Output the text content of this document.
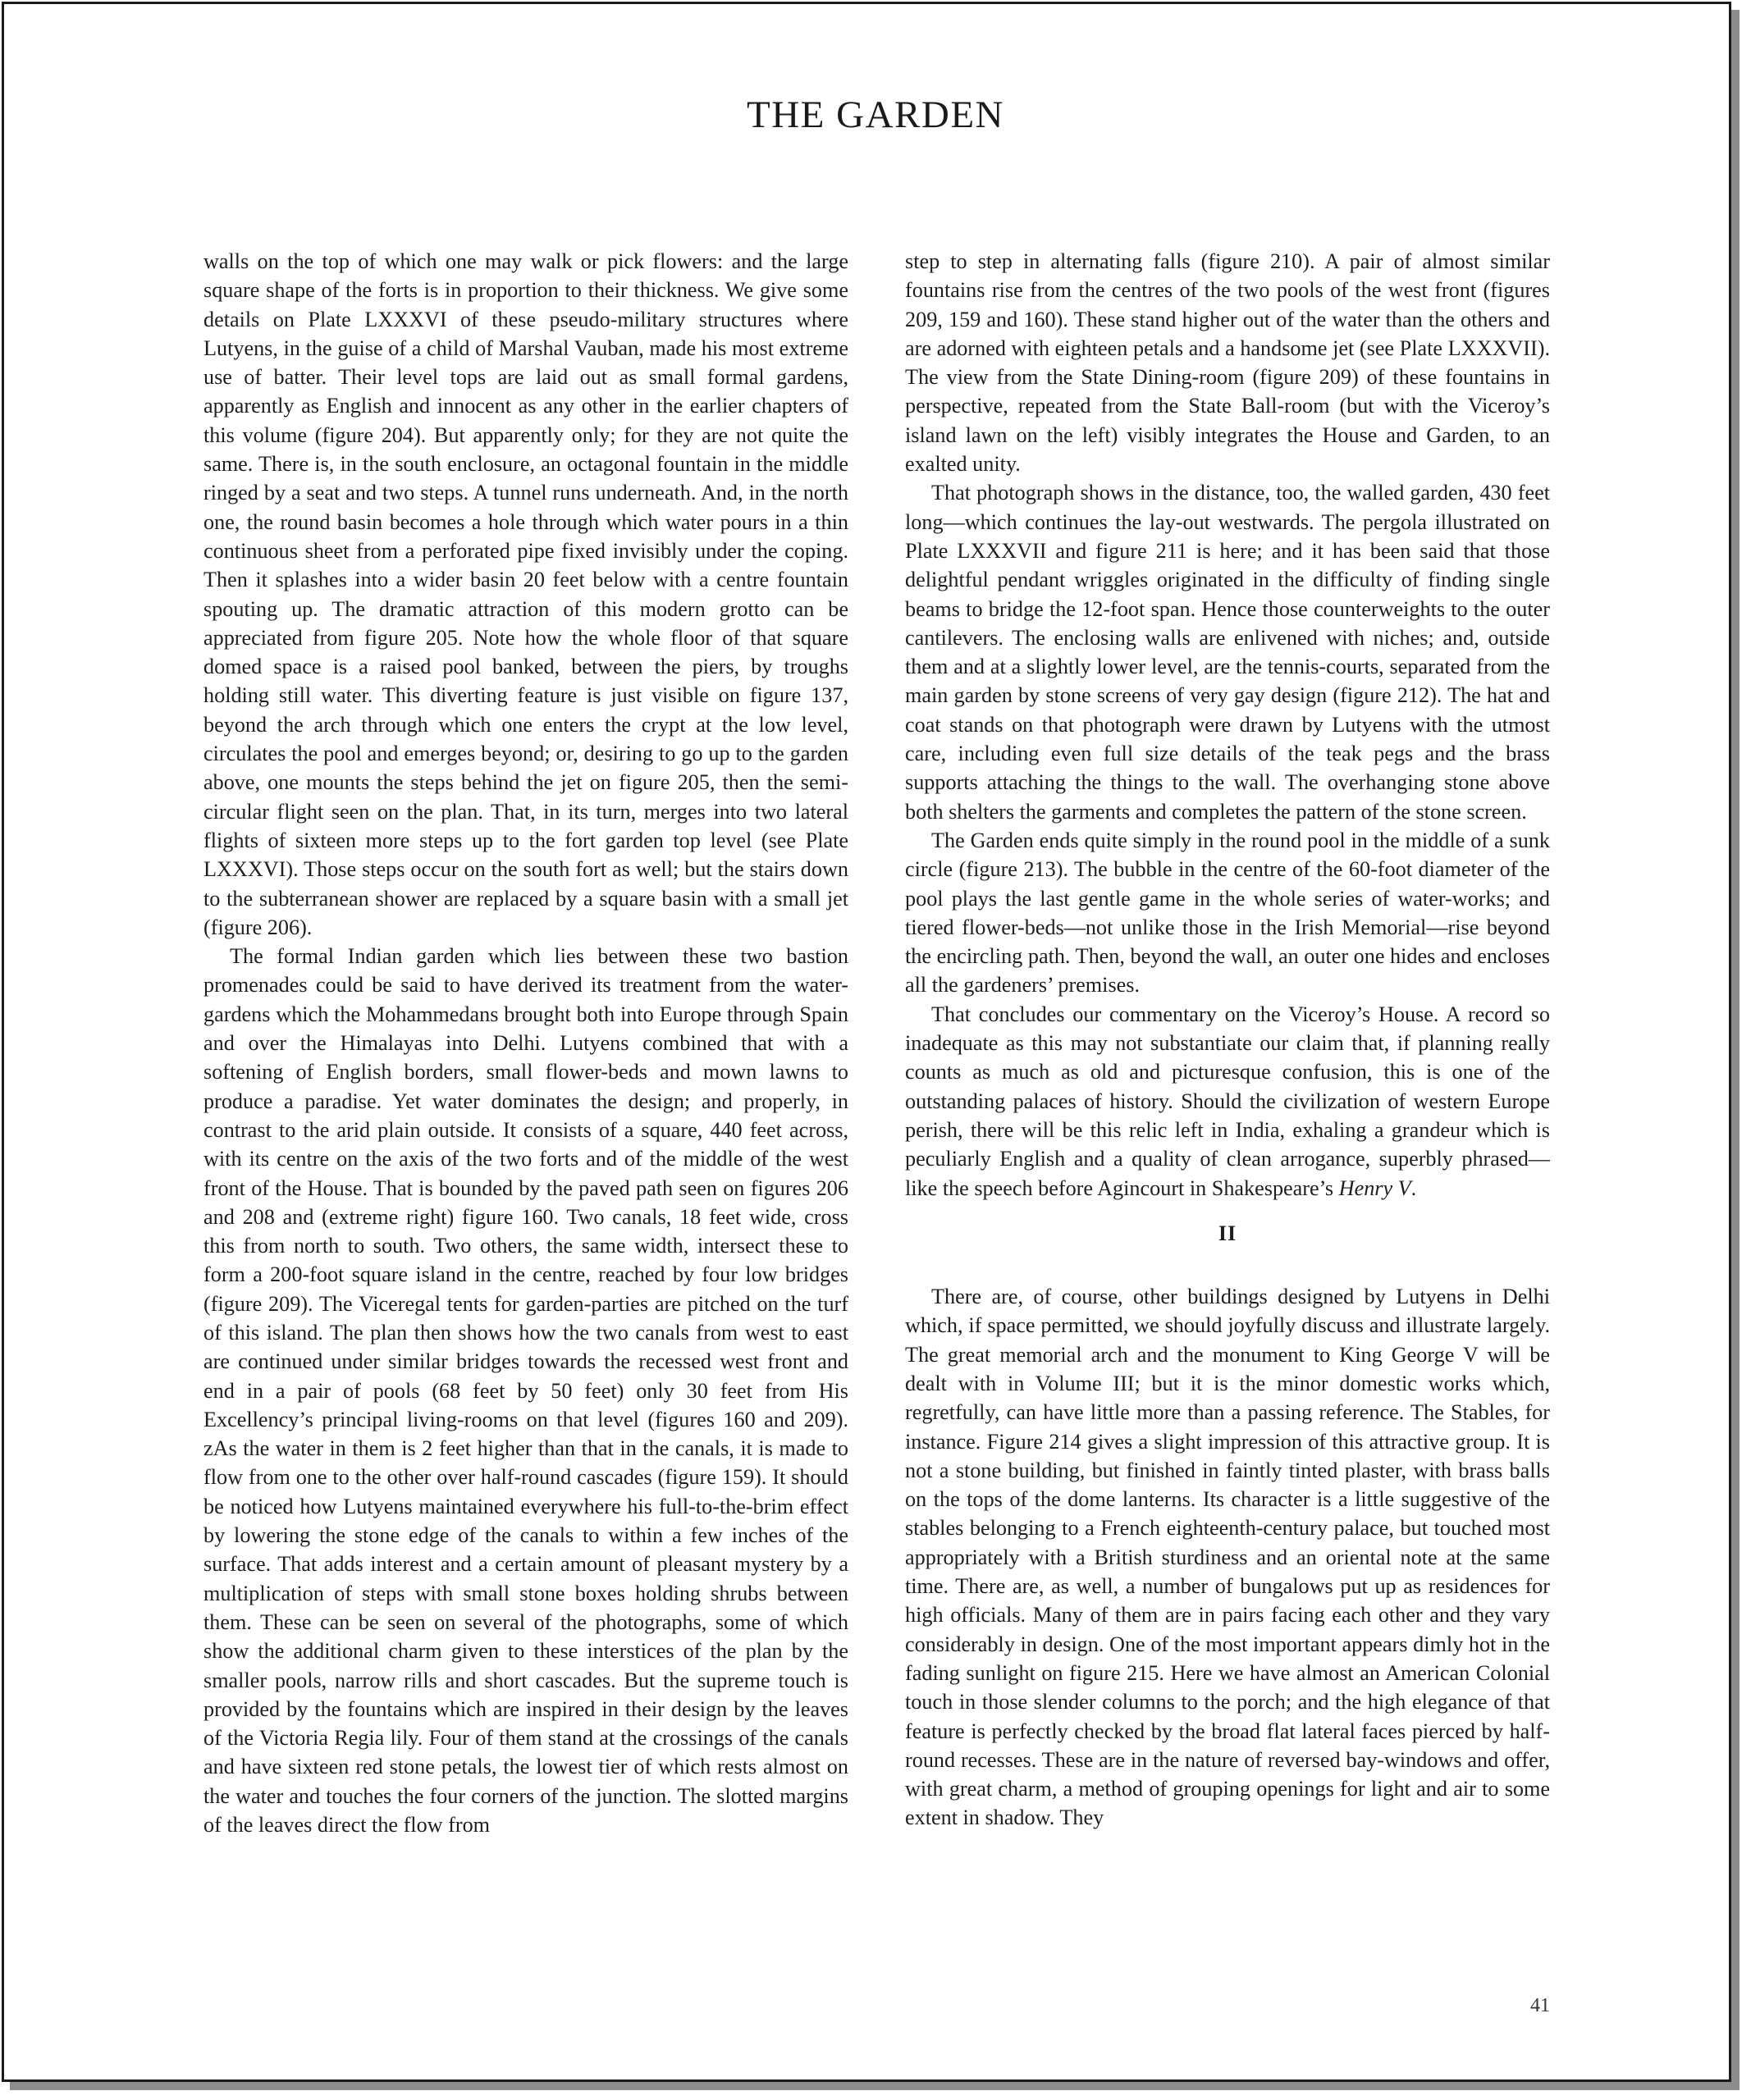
THE GARDEN

walls on the top of which one may walk or pick flowers: and the large square shape of the forts is in proportion to their thickness. We give some details on Plate LXXXVI of these pseudo-military structures where Lutyens, in the guise of a child of Marshal Vauban, made his most extreme use of batter. Their level tops are laid out as small formal gardens, apparently as English and innocent as any other in the earlier chapters of this volume (figure 204). But apparently only; for they are not quite the same. There is, in the south enclosure, an octagonal fountain in the middle ringed by a seat and two steps. A tunnel runs underneath. And, in the north one, the round basin becomes a hole through which water pours in a thin continuous sheet from a perforated pipe fixed invisibly under the coping. Then it splashes into a wider basin 20 feet below with a centre fountain spouting up. The dramatic attraction of this modern grotto can be appreciated from figure 205. Note how the whole floor of that square domed space is a raised pool banked, between the piers, by troughs holding still water. This diverting feature is just visible on figure 137, beyond the arch through which one enters the crypt at the low level, circulates the pool and emerges beyond; or, desiring to go up to the garden above, one mounts the steps behind the jet on figure 205, then the semi-circular flight seen on the plan. That, in its turn, merges into two lateral flights of sixteen more steps up to the fort garden top level (see Plate LXXXVI). Those steps occur on the south fort as well; but the stairs down to the subterranean shower are replaced by a square basin with a small jet (figure 206).

The formal Indian garden which lies between these two bastion promenades could be said to have derived its treatment from the water-gardens which the Mohammedans brought both into Europe through Spain and over the Himalayas into Delhi. Lutyens combined that with a softening of English borders, small flower-beds and mown lawns to produce a paradise. Yet water dominates the design; and properly, in contrast to the arid plain outside. It consists of a square, 440 feet across, with its centre on the axis of the two forts and of the middle of the west front of the House. That is bounded by the paved path seen on figures 206 and 208 and (extreme right) figure 160. Two canals, 18 feet wide, cross this from north to south. Two others, the same width, intersect these to form a 200-foot square island in the centre, reached by four low bridges (figure 209). The Viceregal tents for garden-parties are pitched on the turf of this island. The plan then shows how the two canals from west to east are continued under similar bridges towards the recessed west front and end in a pair of pools (68 feet by 50 feet) only 30 feet from His Excellency’s principal living-rooms on that level (figures 160 and 209). zAs the water in them is 2 feet higher than that in the canals, it is made to flow from one to the other over half-round cascades (figure 159). It should be noticed how Lutyens maintained everywhere his full-to-the-brim effect by lowering the stone edge of the canals to within a few inches of the surface. That adds interest and a certain amount of pleasant mystery by a multiplication of steps with small stone boxes holding shrubs between them. These can be seen on several of the photographs, some of which show the additional charm given to these interstices of the plan by the smaller pools, narrow rills and short cascades. But the supreme touch is provided by the fountains which are inspired in their design by the leaves of the Victoria Regia lily. Four of them stand at the crossings of the canals and have sixteen red stone petals, the lowest tier of which rests almost on the water and touches the four corners of the junction. The slotted margins of the leaves direct the flow from

step to step in alternating falls (figure 210). A pair of almost similar fountains rise from the centres of the two pools of the west front (figures 209, 159 and 160). These stand higher out of the water than the others and are adorned with eighteen petals and a handsome jet (see Plate LXXXVII). The view from the State Dining-room (figure 209) of these fountains in perspective, repeated from the State Ball-room (but with the Viceroy’s island lawn on the left) visibly integrates the House and Garden, to an exalted unity.

That photograph shows in the distance, too, the walled garden, 430 feet long—which continues the lay-out westwards. The pergola illustrated on Plate LXXXVII and figure 211 is here; and it has been said that those delightful pendant wriggles originated in the difficulty of finding single beams to bridge the 12-foot span. Hence those counterweights to the outer cantilevers. The enclosing walls are enlivened with niches; and, outside them and at a slightly lower level, are the tennis-courts, separated from the main garden by stone screens of very gay design (figure 212). The hat and coat stands on that photograph were drawn by Lutyens with the utmost care, including even full size details of the teak pegs and the brass supports attaching the things to the wall. The overhanging stone above both shelters the garments and completes the pattern of the stone screen.

The Garden ends quite simply in the round pool in the middle of a sunk circle (figure 213). The bubble in the centre of the 60-foot diameter of the pool plays the last gentle game in the whole series of water-works; and tiered flower-beds—not unlike those in the Irish Memorial—rise beyond the encircling path. Then, beyond the wall, an outer one hides and encloses all the gardeners’ premises.

That concludes our commentary on the Viceroy’s House. A record so inadequate as this may not substantiate our claim that, if planning really counts as much as old and picturesque confusion, this is one of the outstanding palaces of history. Should the civilization of western Europe perish, there will be this relic left in India, exhaling a grandeur which is peculiarly English and a quality of clean arrogance, superbly phrased—like the speech before Agincourt in Shakespeare’s Henry V.

II

There are, of course, other buildings designed by Lutyens in Delhi which, if space permitted, we should joyfully discuss and illustrate largely. The great memorial arch and the monument to King George V will be dealt with in Volume III; but it is the minor domestic works which, regretfully, can have little more than a passing reference. The Stables, for instance. Figure 214 gives a slight impression of this attractive group. It is not a stone building, but finished in faintly tinted plaster, with brass balls on the tops of the dome lanterns. Its character is a little suggestive of the stables belonging to a French eighteenth-century palace, but touched most appropriately with a British sturdiness and an oriental note at the same time. There are, as well, a number of bungalows put up as residences for high officials. Many of them are in pairs facing each other and they vary considerably in design. One of the most important appears dimly hot in the fading sunlight on figure 215. Here we have almost an American Colonial touch in those slender columns to the porch; and the high elegance of that feature is perfectly checked by the broad flat lateral faces pierced by half-round recesses. These are in the nature of reversed bay-windows and offer, with great charm, a method of grouping openings for light and air to some extent in shadow. They

41
